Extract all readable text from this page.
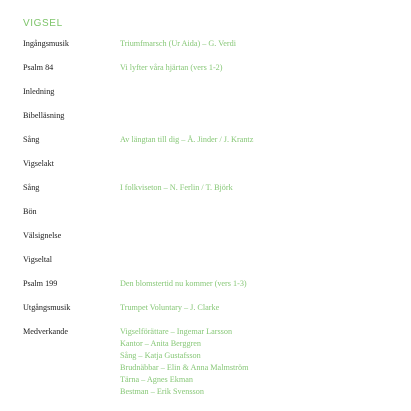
VIGSEL
Ingångsmusik	Triumfmarsch (Ur Aida) – G. Verdi
Psalm 84	Vi lyfter våra hjärtan (vers 1-2)
Inledning
Bibelläsning
Sång	Av längtan till dig – Å. Jinder / J. Krantz
Vigselakt
Sång	I folkviseton – N. Ferlin / T. Björk
Bön
Välsignelse
Vigseltal
Psalm 199	Den blomstertid nu kommer (vers 1-3)
Utgångsmusik	Trumpet Voluntary – J. Clarke
Medverkande	Vigselförättare – Ingemar Larsson
Kantor – Anita Berggren
Sång – Katja Gustafsson
Brudnäbbar – Elin & Anna Malmström
Tärna – Agnes Ekman
Bestman – Erik Svensson
